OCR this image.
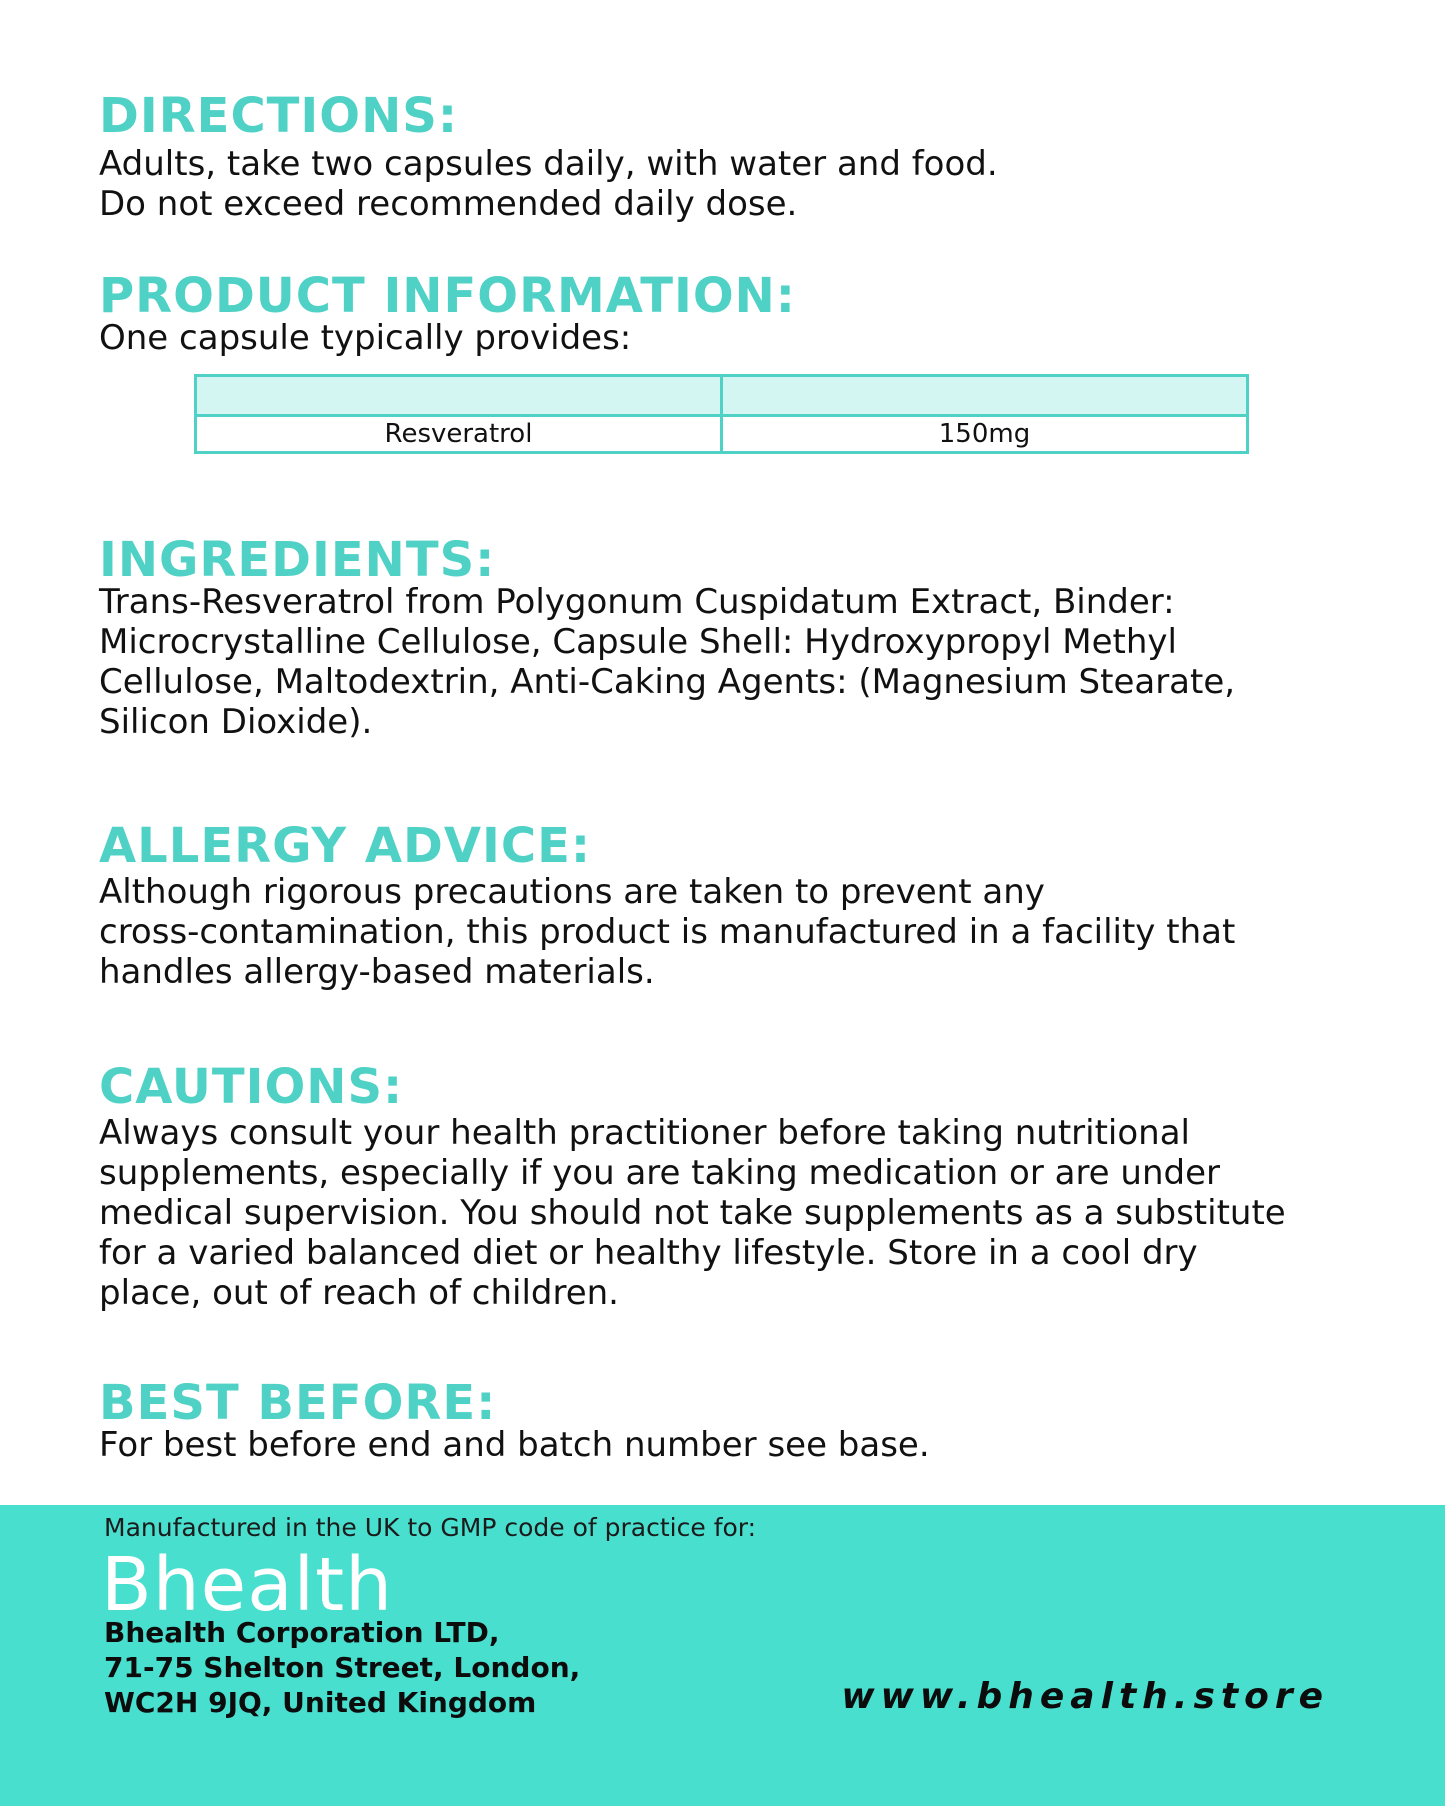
DIRECTIONS:

Adults, take two capsules daily, with water and food.

Do not exceed recommended daily dose.

PRODUCT INFORMATION:

One capsule typically provides:

Resveratrol	150mg
INGREDIENTS:

Trans-Resveratrol from Polygonum Cuspidatum Extract, Binder:

Microcrystalline Cellulose, Capsule Shell: Hydroxypropyl Methyl

Cellulose, Maltodextrin, Anti-Caking Agents: (Magnesium Stearate,

Silicon Dioxide).

ALLERGY ADVICE:

Although rigorous precautions are taken to prevent any

cross-contamination, this product is manufactured in a facility that

handles allergy-based materials.

CAUTIONS:

Always consult your health practitioner before taking nutritional

supplements, especially if you are taking medication or are under

medical supervision. You should not take supplements as a substitute

for a varied balanced diet or healthy lifestyle. Store in a cool dry

place, out of reach of children.

BEST BEFORE:

For best before end and batch number see base.

Manufactured in the UK to GMP code of practice for:
Bhealth
Bhealth Corporation LTD,
71-75 Shelton Street, London,
WC2H 9JQ, United Kingdom	www.bhealth.store
